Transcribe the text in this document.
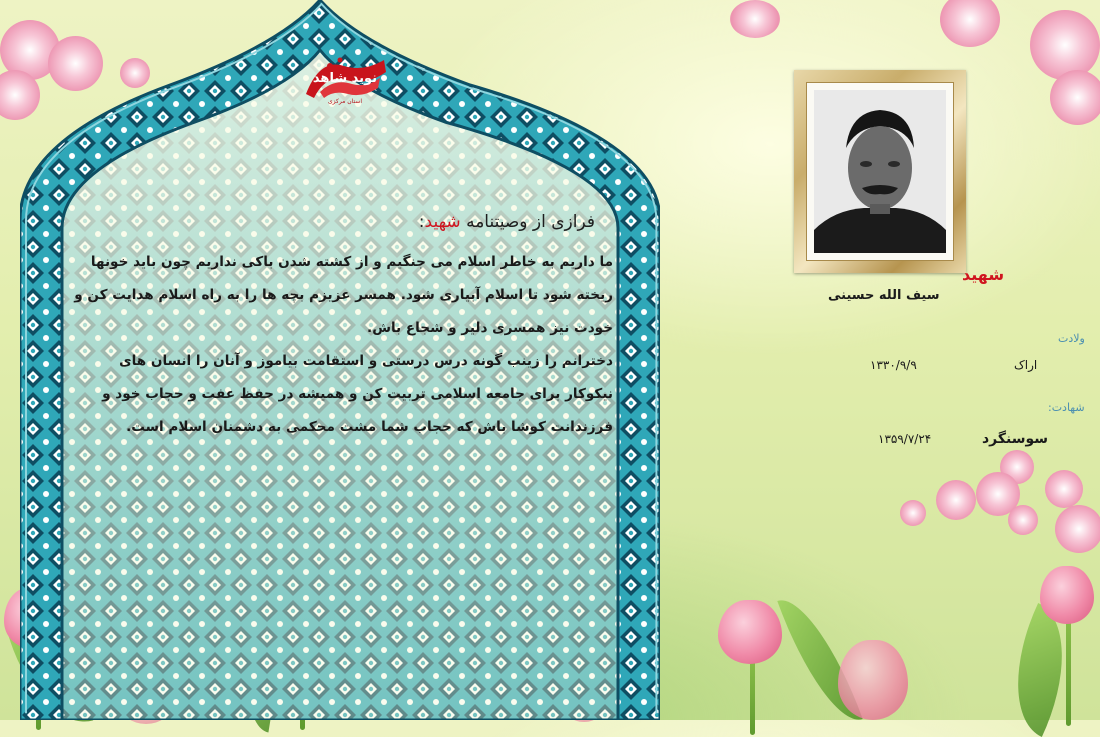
نوید شاهد
استان مرکزی
فرازی از وصیتنامه شهید:

ما داریم به خاطر اسلام می جنگیم و از کشته شدن باکی نداریم چون باید خونها ریخته شود تا اسلام آبیاری شود. همسر عزیزم بچه ها را به راه اسلام هدایت کن و خودت نیز همسری دلیر و شجاع باش.

دخترانم را زینب گونه درس درستی و استقامت بیاموز و آنان را انسان های نیکوکار برای جامعه اسلامی تربیت کن و همیشه در حفظ عفت و حجاب خود و فرزندانت کوشا باش که حجاب شما مشت محکمی به دشمنان اسلام است.

شهید
سیف الله حسینی
ولادت
اراک
۱۳۳۰/۹/۹
شهادت:
سوسنگرد
۱۳۵۹/۷/۲۴
